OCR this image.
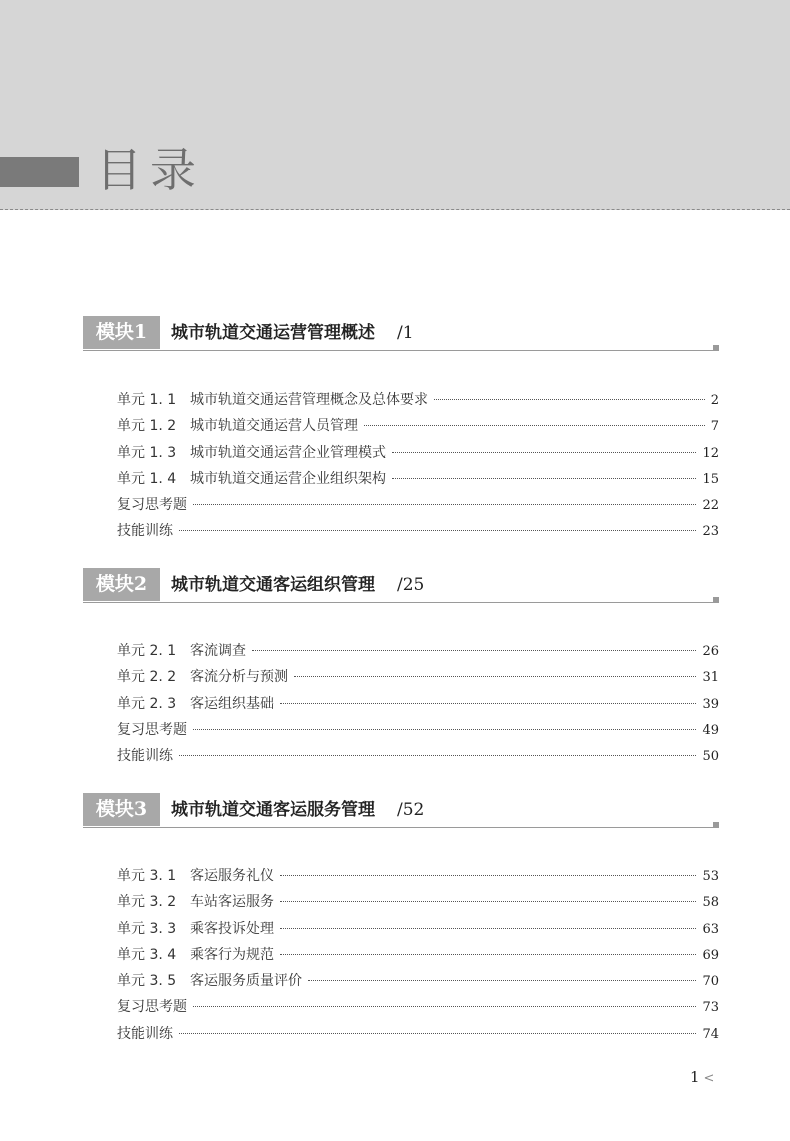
目录
模块1	城市轨道交通运营管理概述 /1
单元 1. 1 城市轨道交通运营管理概念及总体要求	2
单元 1. 2 城市轨道交通运营人员管理	7
单元 1. 3 城市轨道交通运营企业管理模式	12
单元 1. 4 城市轨道交通运营企业组织架构	15
复习思考题	22
技能训练	23
模块2	城市轨道交通客运组织管理 /25
单元 2. 1 客流调查	26
单元 2. 2 客流分析与预测	31
单元 2. 3 客运组织基础	39
复习思考题	49
技能训练	50
模块3	城市轨道交通客运服务管理 /52
单元 3. 1 客运服务礼仪	53
单元 3. 2 车站客运服务	58
单元 3. 3 乘客投诉处理	63
单元 3. 4 乘客行为规范	69
单元 3. 5 客运服务质量评价	70
复习思考题	73
技能训练	74
1 <
